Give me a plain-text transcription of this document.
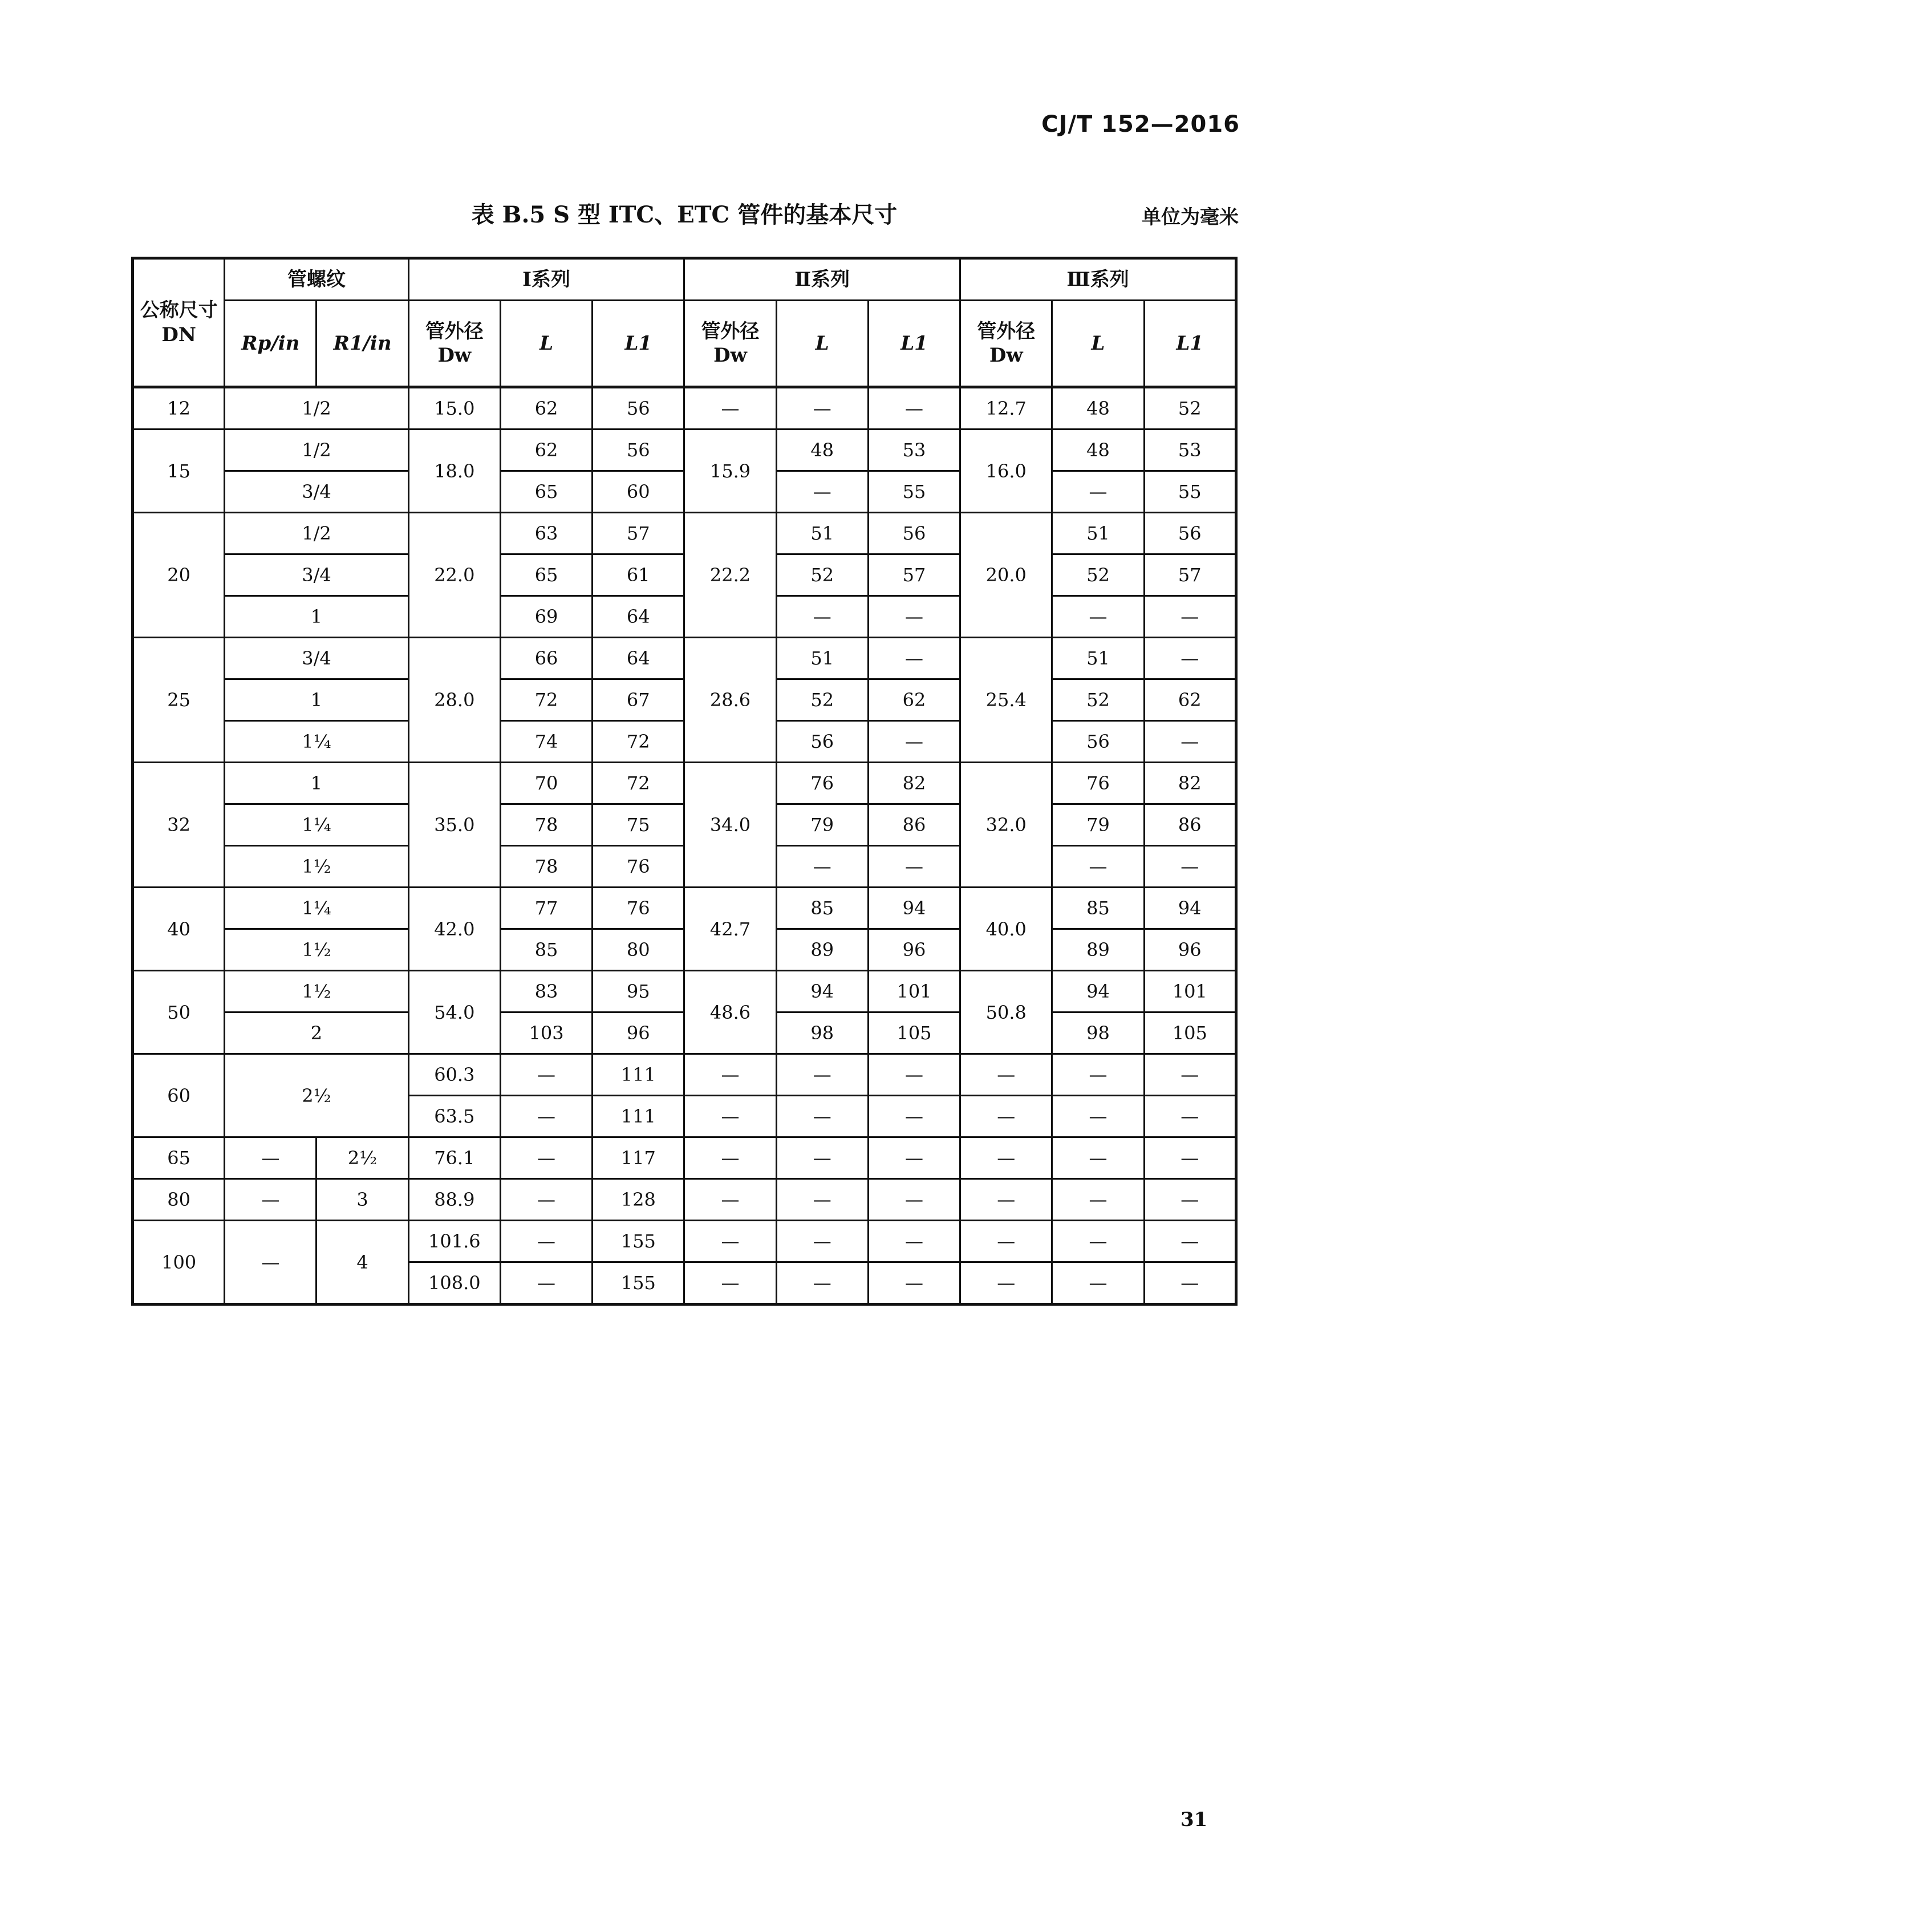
CJ/T 152—2016
表 B.5 S 型 ITC、ETC 管件的基本尺寸	单位为毫米
公称尺寸DN	管螺纹		Ⅰ系列			Ⅱ系列			Ⅲ系列		
	Rp/in	R1/in	管外径Dw	L	L1	管外径Dw	L	L1	管外径Dw	L	L1
12	1/2		15.0	62	56	—	—	—	12.7	48	52
15	1/2		18.0	62	56	15.9	48	53	16.0	48	53
	3/4			65	60		—	55		—	55
20	1/2		22.0	63	57	22.2	51	56	20.0	51	56
	3/4			65	61		52	57		52	57
	1			69	64		—	—		—	—
25	3/4		28.0	66	64	28.6	51	—	25.4	51	—
	1			72	67		52	62		52	62
	1¼			74	72		56	—		56	—
32	1		35.0	70	72	34.0	76	82	32.0	76	82
	1¼			78	75		79	86		79	86
	1½			78	76		—	—		—	—
40	1¼		42.0	77	76	42.7	85	94	40.0	85	94
	1½			85	80		89	96		89	96
50	1½		54.0	83	95	48.6	94	101	50.8	94	101
	2			103	96		98	105		98	105
60	2½		60.3	—	111	—	—	—	—	—	—
			63.5	—	111	—	—	—	—	—	—
65	—	2½	76.1	—	117	—	—	—	—	—	—
80	—	3	88.9	—	128	—	—	—	—	—	—
100	—	4	101.6	—	155	—	—	—	—	—	—
			108.0	—	155	—	—	—	—	—	—
31
